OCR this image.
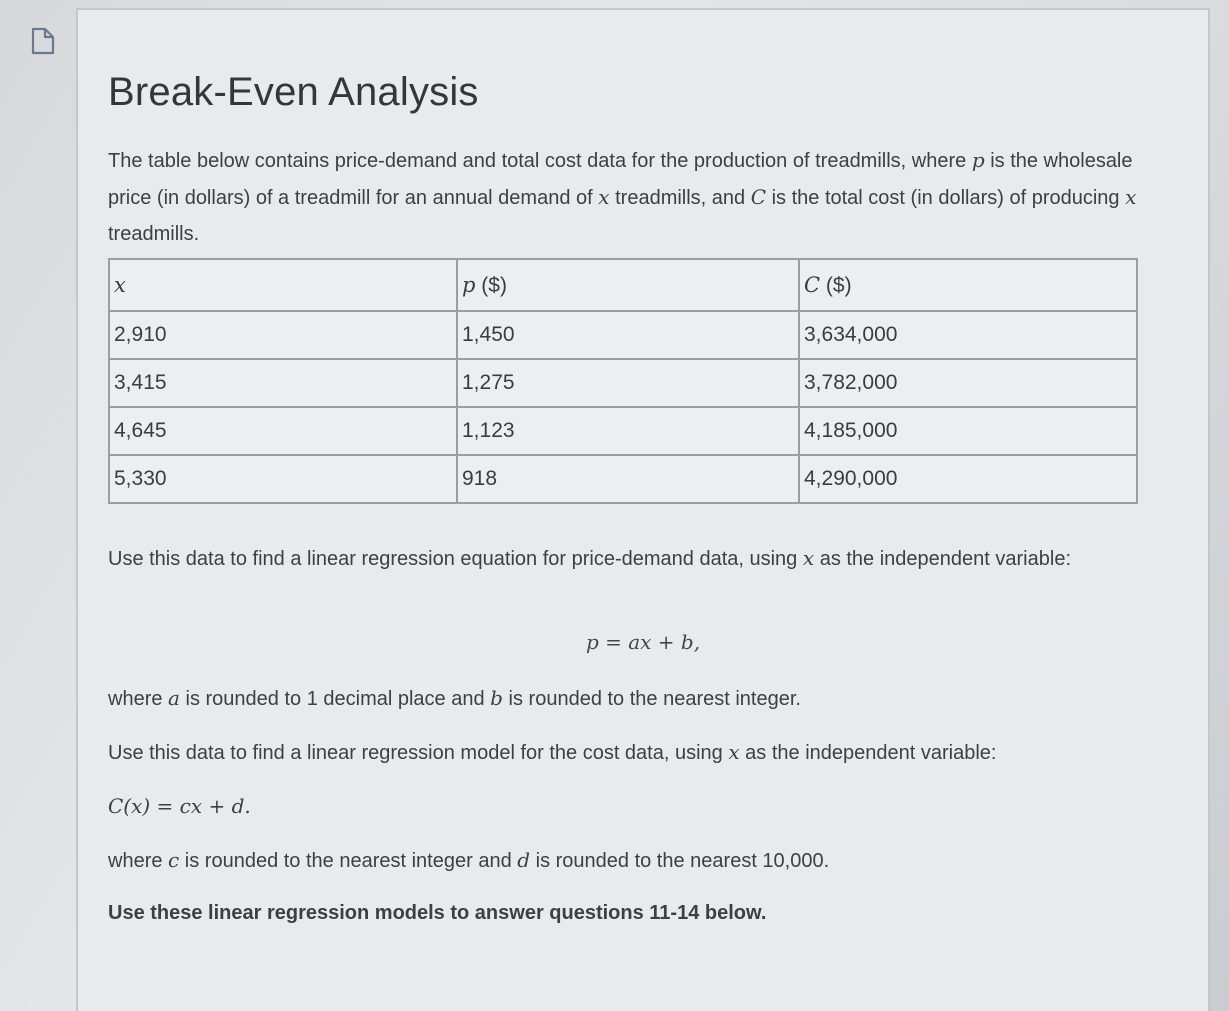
Break-Even Analysis
The table below contains price-demand and total cost data for the production of treadmills, where p is the wholesale price (in dollars) of a treadmill for an annual demand of x treadmills, and C is the total cost (in dollars) of producing x treadmills.
x	p ($)	C ($)
2,910	1,450	3,634,000
3,415	1,275	3,782,000
4,645	1,123	4,185,000
5,330	918	4,290,000
Use this data to find a linear regression equation for price-demand data, using x as the independent variable:
p = ax + b,
where a is rounded to 1 decimal place and b is rounded to the nearest integer.
Use this data to find a linear regression model for the cost data, using x as the independent variable:
C(x) = cx + d.
where c is rounded to the nearest integer and d is rounded to the nearest 10,000.
Use these linear regression models to answer questions 11-14 below.
